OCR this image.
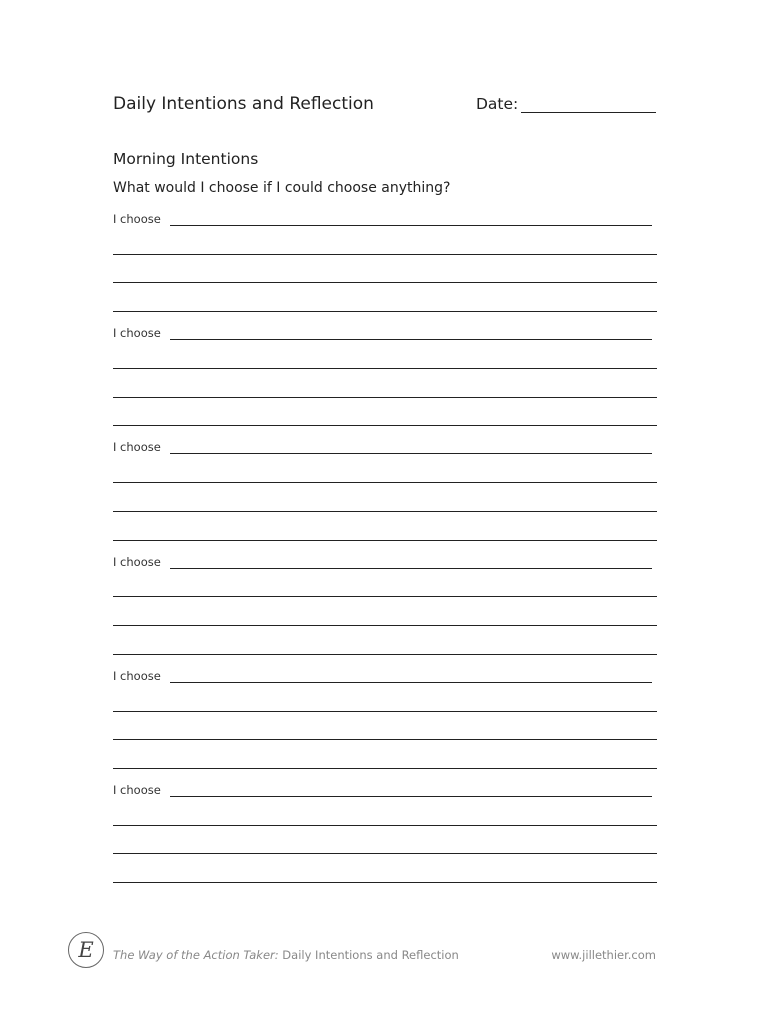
Daily Intentions and Reflection	Date:
Morning Intentions
What would I choose if I could choose anything?
I choose
I choose
I choose
I choose
I choose
I choose
E	The Way of the Action Taker: Daily Intentions and Reflection	www.jillethier.com
